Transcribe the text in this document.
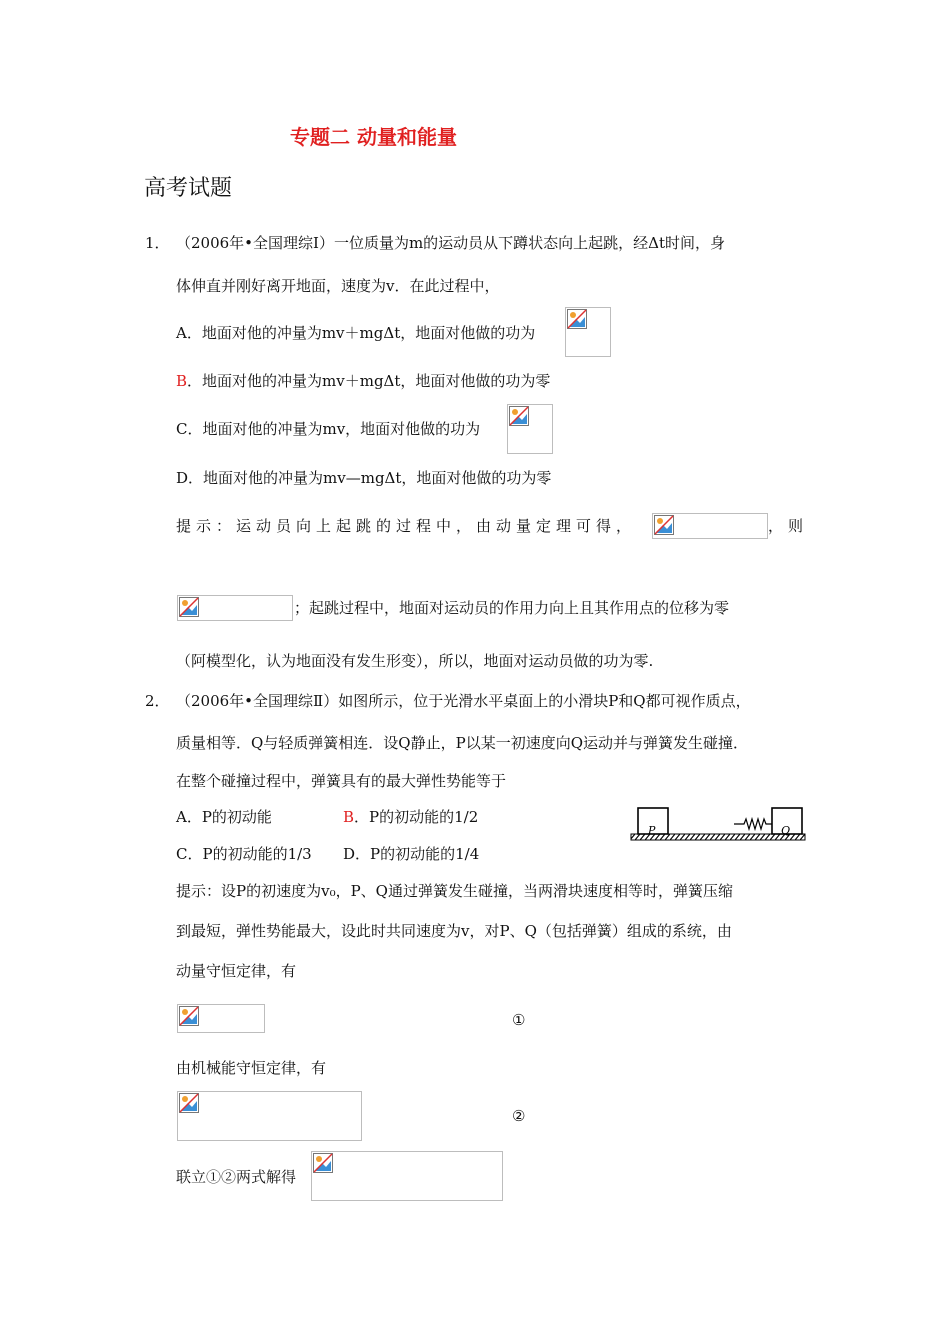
专题二 动量和能量
高考试题
1． （2006年•全国理综Ⅰ）一位质量为m的运动员从下蹲状态向上起跳，经Δt时间，身
体伸直并刚好离开地面，速度为v．在此过程中，
A．地面对他的冲量为mv＋mgΔt，地面对他做的功为
B．地面对他的冲量为mv＋mgΔt，地面对他做的功为零
C．地面对他的冲量为mv，地面对他做的功为
D．地面对他的冲量为mv—mgΔt，地面对他做的功为零
提示：运动员向上起跳的过程中，由动量定理可得，	，则
；起跳过程中，地面对运动员的作用力向上且其作用点的位移为零
（阿模型化，认为地面没有发生形变），所以，地面对运动员做的功为零.
2． （2006年•全国理综Ⅱ）如图所示，位于光滑水平桌面上的小滑块P和Q都可视作质点，
质量相等．Q与轻质弹簧相连．设Q静止，P以某一初速度向Q运动并与弹簧发生碰撞．
在整个碰撞过程中，弹簧具有的最大弹性势能等于
A．P的初动能	B．P的初动能的1/2
C．P的初动能的1/3 D．P的初动能的1/4
P	Q
提示：设P的初速度为v₀，P、Q通过弹簧发生碰撞，当两滑块速度相等时，弹簧压缩
到最短，弹性势能最大，设此时共同速度为v，对P、Q（包括弹簧）组成的系统，由
动量守恒定律，有
①
由机械能守恒定律，有
②
联立①②两式解得
